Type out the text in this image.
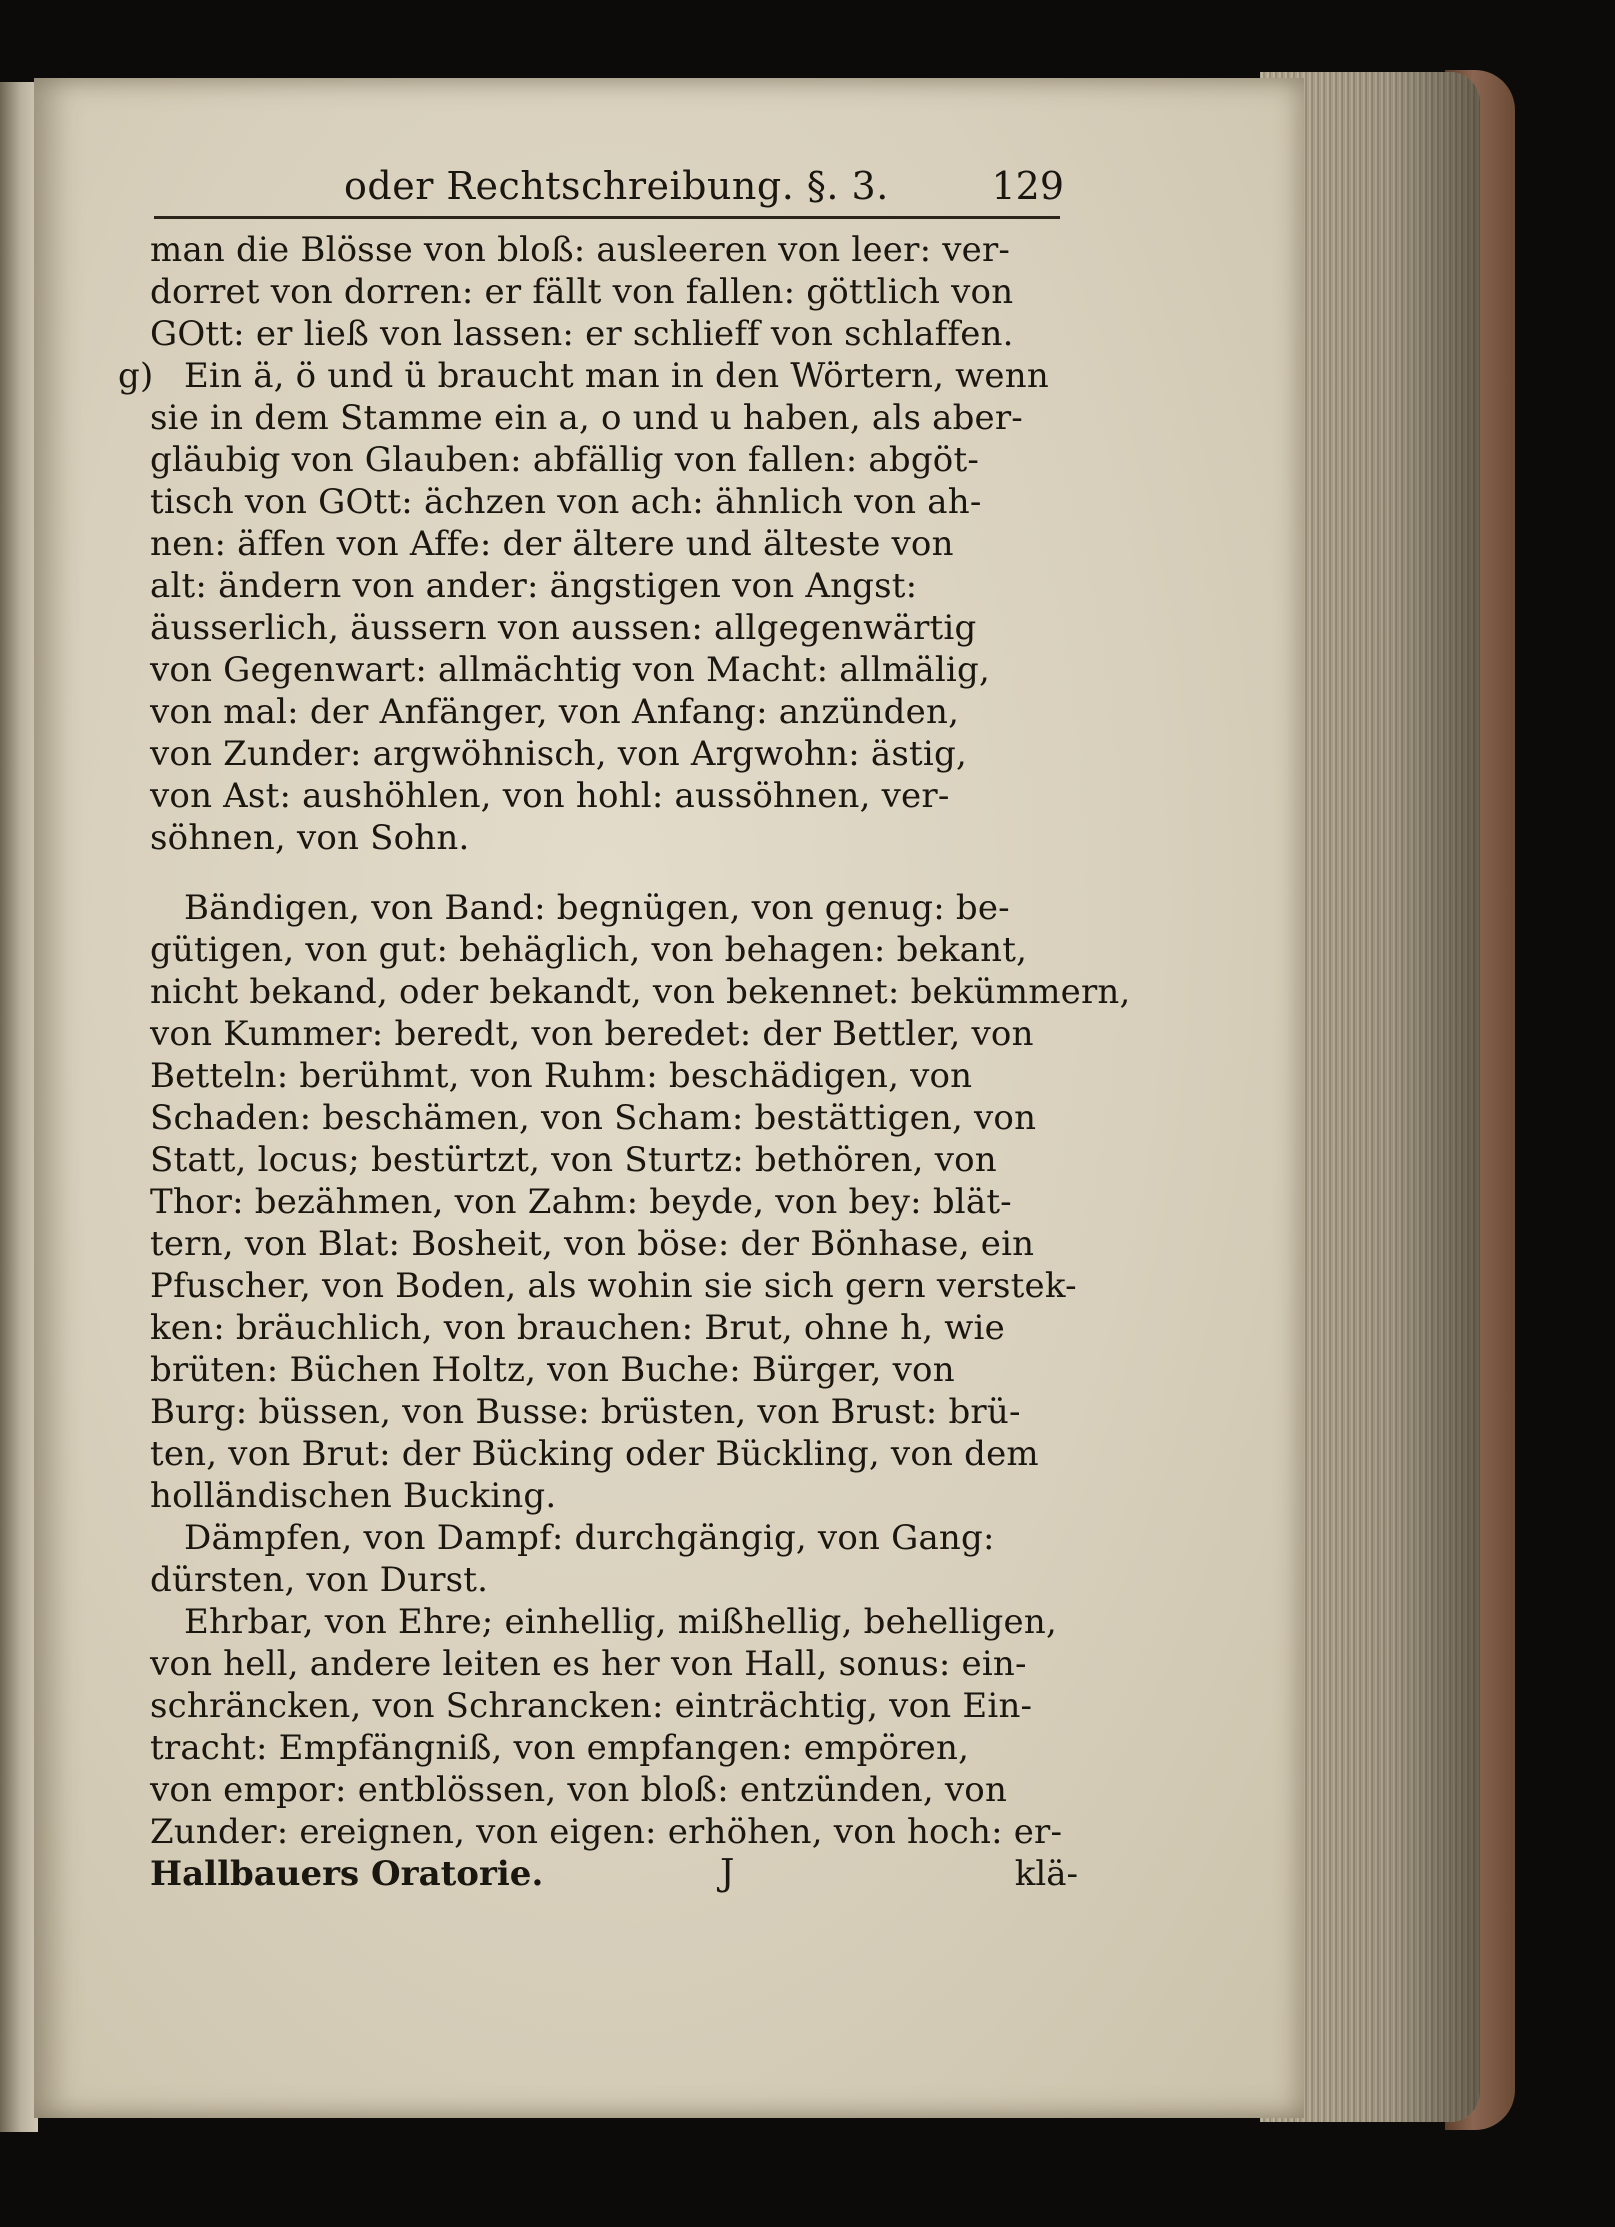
oder Rechtschreibung. §. 3.	129
man die Blösse von bloß: ausleeren von leer: ver-
dorret von dorren: er fällt von fallen: göttlich von
GOtt: er ließ von lassen: er schlieff von schlaffen.
g) Ein ä, ö und ü braucht man in den Wörtern, wenn
sie in dem Stamme ein a, o und u haben, als aber-
gläubig von Glauben: abfällig von fallen: abgöt-
tisch von GOtt: ächzen von ach: ähnlich von ah-
nen: äffen von Affe: der ältere und älteste von
alt: ändern von ander: ängstigen von Angst:
äusserlich, äussern von aussen: allgegenwärtig
von Gegenwart: allmächtig von Macht: allmälig,
von mal: der Anfänger, von Anfang: anzünden,
von Zunder: argwöhnisch, von Argwohn: ästig,
von Ast: aushöhlen, von hohl: aussöhnen, ver-
söhnen, von Sohn.
Bändigen, von Band: begnügen, von genug: be-
gütigen, von gut: behäglich, von behagen: bekant,
nicht bekand, oder bekandt, von bekennet: bekümmern,
von Kummer: beredt, von beredet: der Bettler, von
Betteln: berühmt, von Ruhm: beschädigen, von
Schaden: beschämen, von Scham: bestättigen, von
Statt, locus; bestürtzt, von Sturtz: bethören, von
Thor: bezähmen, von Zahm: beyde, von bey: blät-
tern, von Blat: Bosheit, von böse: der Bönhase, ein
Pfuscher, von Boden, als wohin sie sich gern verstek-
ken: bräuchlich, von brauchen: Brut, ohne h, wie
brüten: Büchen Holtz, von Buche: Bürger, von
Burg: büssen, von Busse: brüsten, von Brust: brü-
ten, von Brut: der Bücking oder Bückling, von dem
holländischen Bucking.
Dämpfen, von Dampf: durchgängig, von Gang:
dürsten, von Durst.
Ehrbar, von Ehre; einhellig, mißhellig, behelligen,
von hell, andere leiten es her von Hall, sonus: ein-
schräncken, von Schrancken: einträchtig, von Ein-
tracht: Empfängniß, von empfangen: empören,
von empor: entblössen, von bloß: entzünden, von
Zunder: ereignen, von eigen: erhöhen, von hoch: er-
Hallbauers Oratorie.	J	klä-
